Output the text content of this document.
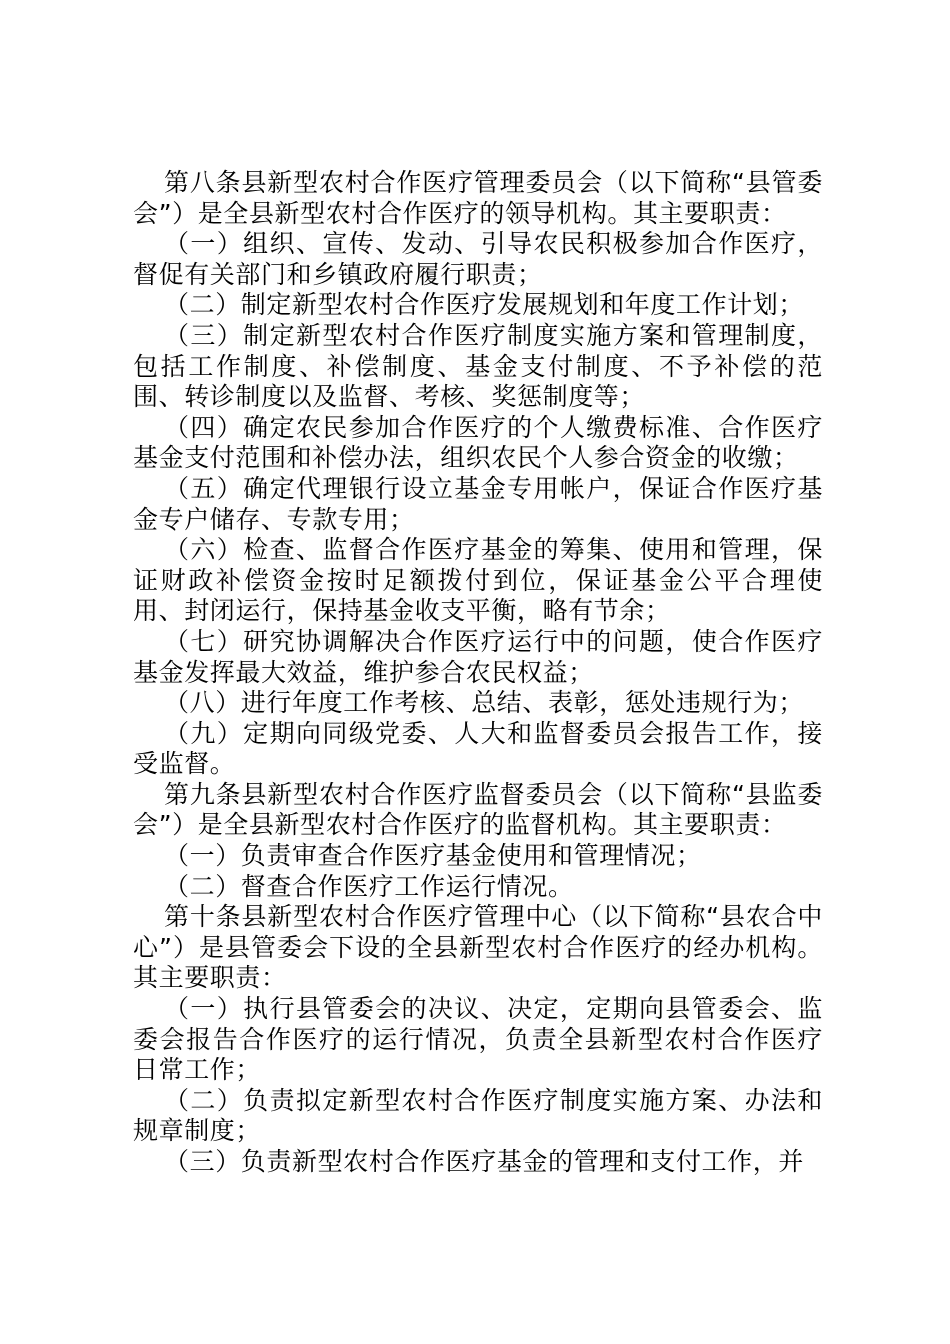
第八条县新型农村合作医疗管理委员会（以下简称“县管委会”）是全县新型农村合作医疗的领导机构。其主要职责：

（一）组织、宣传、发动、引导农民积极参加合作医疗，督促有关部门和乡镇政府履行职责；

（二）制定新型农村合作医疗发展规划和年度工作计划；

（三）制定新型农村合作医疗制度实施方案和管理制度，包括工作制度、补偿制度、基金支付制度、不予补偿的范围、转诊制度以及监督、考核、奖惩制度等；

（四）确定农民参加合作医疗的个人缴费标准、合作医疗基金支付范围和补偿办法，组织农民个人参合资金的收缴；

（五）确定代理银行设立基金专用帐户，保证合作医疗基金专户储存、专款专用；

（六）检查、监督合作医疗基金的筹集、使用和管理，保证财政补偿资金按时足额拨付到位，保证基金公平合理使用、封闭运行，保持基金收支平衡，略有节余；

（七）研究协调解决合作医疗运行中的问题，使合作医疗基金发挥最大效益，维护参合农民权益；

（八）进行年度工作考核、总结、表彰，惩处违规行为；

（九）定期向同级党委、人大和监督委员会报告工作，接受监督。

第九条县新型农村合作医疗监督委员会（以下简称“县监委会”）是全县新型农村合作医疗的监督机构。其主要职责：

（一）负责审查合作医疗基金使用和管理情况；

（二）督查合作医疗工作运行情况。

第十条县新型农村合作医疗管理中心（以下简称“县农合中心”）是县管委会下设的全县新型农村合作医疗的经办机构。其主要职责：

（一）执行县管委会的决议、决定，定期向县管委会、监委会报告合作医疗的运行情况，负责全县新型农村合作医疗日常工作；

（二）负责拟定新型农村合作医疗制度实施方案、办法和规章制度；

（三）负责新型农村合作医疗基金的管理和支付工作，并
